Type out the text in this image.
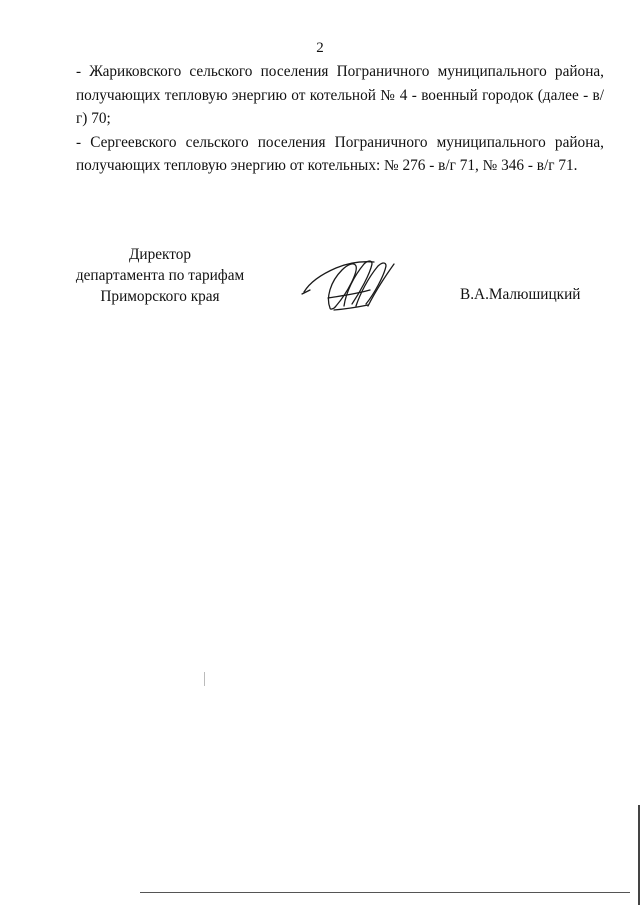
2

- Жариковского сельского поселения Пограничного муниципального района, получающих тепловую энергию от котельной № 4 - военный городок (далее - в/г) 70;

- Сергеевского сельского поселения Пограничного муниципального района, получающих тепловую энергию от котельных: № 276 - в/г 71, № 346 - в/г 71.

Директор
департамента по тарифам
Приморского края	В.А.Малюшицкий
